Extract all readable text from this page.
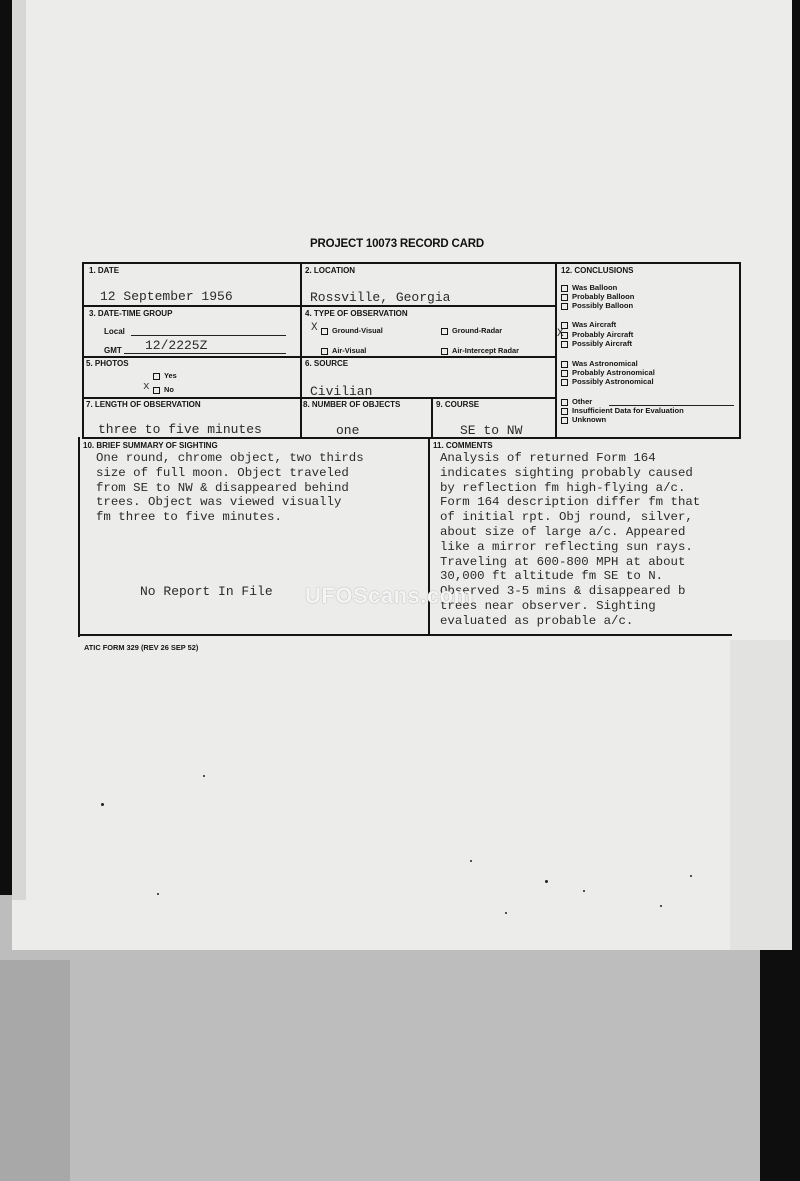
PROJECT 10073 RECORD CARD
1. DATE
12 September 1956
2. LOCATION
Rossville, Georgia
3. DATE-TIME GROUP
Local
GMT 12/2225Z
4. TYPE OF OBSERVATION
X	Ground-Visual	Ground-Radar
Air-Visual	Air-Intercept Radar
5. PHOTOS
Yes
x	No
6. SOURCE
Civilian
7. LENGTH OF OBSERVATION
three to five minutes
8. NUMBER OF OBJECTS
one
9. COURSE
SE to NW
12. CONCLUSIONS
Was Balloon
Probably Balloon
Possibly Balloon
Was Aircraft
X	Probably Aircraft
Possibly Aircraft
Was Astronomical
Probably Astronomical
Possibly Astronomical
Other
Insufficient Data for Evaluation
Unknown
10. BRIEF SUMMARY OF SIGHTING
One round, chrome object, two thirds
size of full moon. Object traveled
from SE to NW & disappeared behind
trees. Object was viewed visually
fm three to five minutes.
No Report In File
11. COMMENTS
Analysis of returned Form 164
indicates sighting probably caused
by reflection fm high-flying a/c.
Form 164 description differ fm that
of initial rpt. Obj round, silver,
about size of large a/c. Appeared
like a mirror reflecting sun rays.
Traveling at 600-800 MPH at about
30,000 ft altitude fm SE to N.
Observed 3-5 mins & disappeared b
trees near observer. Sighting
evaluated as probable a/c.
ATIC FORM 329 (REV 26 SEP 52)
UFOScans.com
